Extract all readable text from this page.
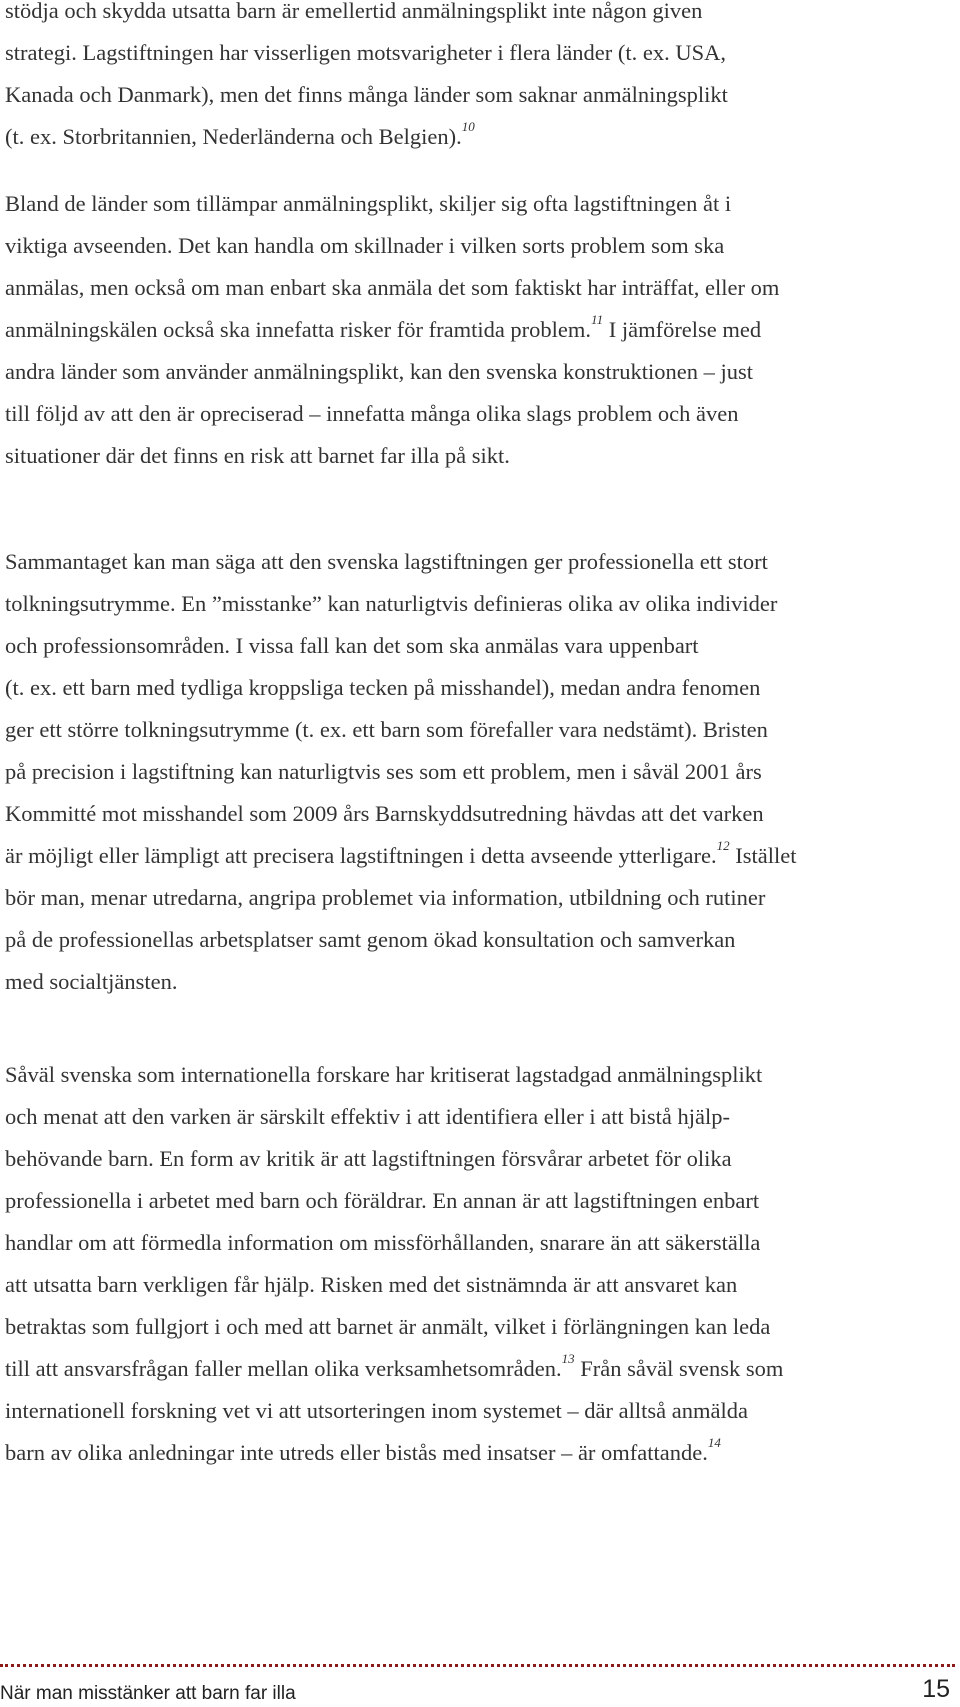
stödja och skydda utsatta barn är emellertid anmälningsplikt inte någon given
strategi. Lagstiftningen har visserligen motsvarigheter i flera länder (t. ex. USA,
Kanada och Danmark), men det finns många länder som saknar anmälningsplikt
(t. ex. Storbritannien, Nederländerna och Belgien).$^{10}$

Bland de länder som tillämpar anmälningsplikt, skiljer sig ofta lagstiftningen åt i
viktiga avseenden. Det kan handla om skillnader i vilken sorts problem som ska
anmälas, men också om man enbart ska anmäla det som faktiskt har inträffat, eller om
anmälningskälen också ska innefatta risker för framtida problem.$^{11}$ I jämförelse med
andra länder som använder anmälningsplikt, kan den svenska konstruktionen – just
till följd av att den är opreciserad – innefatta många olika slags problem och även
situationer där det finns en risk att barnet far illa på sikt.

Sammantaget kan man säga att den svenska lagstiftningen ger professionella ett stort
tolkningsutrymme. En ”misstanke” kan naturligtvis definieras olika av olika individer
och professionsområden. I vissa fall kan det som ska anmälas vara uppenbart
(t. ex. ett barn med tydliga kroppsliga tecken på misshandel), medan andra fenomen
ger ett större tolkningsutrymme (t. ex. ett barn som förefaller vara nedstämt). Bristen
på precision i lagstiftning kan naturligtvis ses som ett problem, men i såväl 2001 års
Kommitté mot misshandel som 2009 års Barnskyddsutredning hävdas att det varken
är möjligt eller lämpligt att precisera lagstiftningen i detta avseende ytterligare.$^{12}$ Istället
bör man, menar utredarna, angripa problemet via information, utbildning och rutiner
på de professionellas arbetsplatser samt genom ökad konsultation och samverkan
med socialtjänsten.

Såväl svenska som internationella forskare har kritiserat lagstadgad anmälningsplikt
och menat att den varken är särskilt effektiv i att identifiera eller i att bistå hjälp-
behövande barn. En form av kritik är att lagstiftningen försvårar arbetet för olika
professionella i arbetet med barn och föräldrar. En annan är att lagstiftningen enbart
handlar om att förmedla information om missförhållanden, snarare än att säkerställa
att utsatta barn verkligen får hjälp. Risken med det sistnämnda är att ansvaret kan
betraktas som fullgjort i och med att barnet är anmält, vilket i förlängningen kan leda
till att ansvarsfrågan faller mellan olika verksamhetsområden.$^{13}$ Från såväl svensk som
internationell forskning vet vi att utsorteringen inom systemet – där alltså anmälda
barn av olika anledningar inte utreds eller bistås med insatser – är omfattande.$^{14}$

När man misstänker att barn far illa	15
